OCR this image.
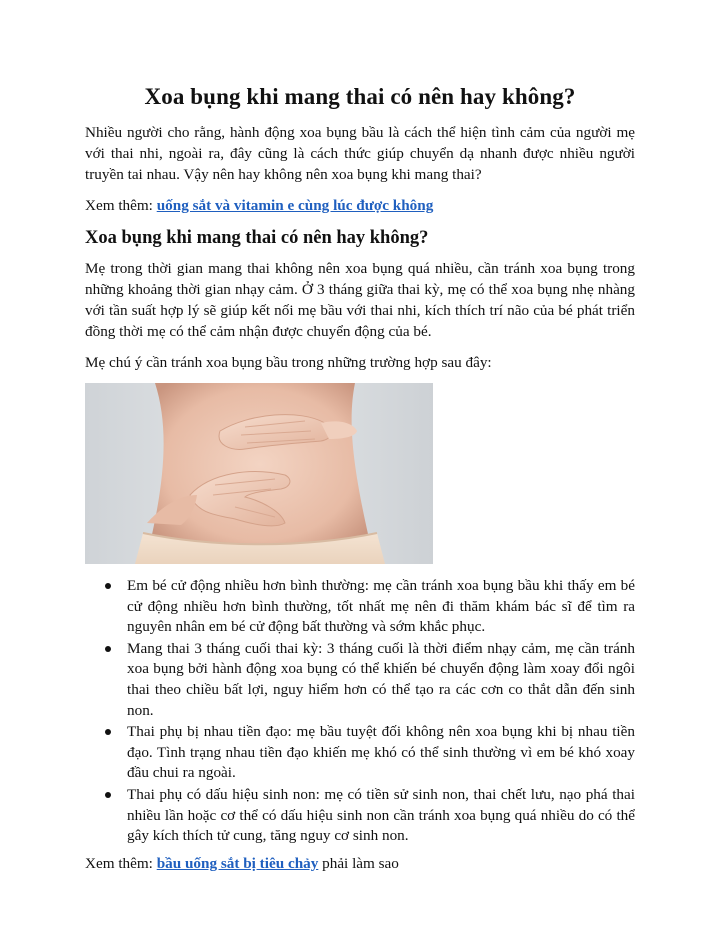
Xoa bụng khi mang thai có nên hay không?

Nhiều người cho rằng, hành động xoa bụng bầu là cách thể hiện tình cảm của người mẹ với thai nhi, ngoài ra, đây cũng là cách thức giúp chuyển dạ nhanh được nhiều người truyền tai nhau. Vậy nên hay không nên xoa bụng khi mang thai?

Xem thêm: uống sắt và vitamin e cùng lúc được không

Xoa bụng khi mang thai có nên hay không?

Mẹ trong thời gian mang thai không nên xoa bụng quá nhiều, cần tránh xoa bụng trong những khoảng thời gian nhạy cảm. Ở 3 tháng giữa thai kỳ, mẹ có thể xoa bụng nhẹ nhàng với tần suất hợp lý sẽ giúp kết nối mẹ bầu với thai nhi, kích thích trí não của bé phát triển đồng thời mẹ có thể cảm nhận được chuyển động của bé.

Mẹ chú ý cần tránh xoa bụng bầu trong những trường hợp sau đây:

Em bé cử động nhiều hơn bình thường: mẹ cần tránh xoa bụng bầu khi thấy em bé cử động nhiều hơn bình thường, tốt nhất mẹ nên đi thăm khám bác sĩ để tìm ra nguyên nhân em bé cử động bất thường và sớm khắc phục.
Mang thai 3 tháng cuối thai kỳ: 3 tháng cuối là thời điểm nhạy cảm, mẹ cần tránh xoa bụng bởi hành động xoa bụng có thể khiến bé chuyển động làm xoay đổi ngôi thai theo chiều bất lợi, nguy hiểm hơn có thể tạo ra các cơn co thắt dẫn đến sinh non.
Thai phụ bị nhau tiền đạo: mẹ bầu tuyệt đối không nên xoa bụng khi bị nhau tiền đạo. Tình trạng nhau tiền đạo khiến mẹ khó có thể sinh thường vì em bé khó xoay đầu chui ra ngoài.
Thai phụ có dấu hiệu sinh non: mẹ có tiền sử sinh non, thai chết lưu, nạo phá thai nhiều lần hoặc cơ thể có dấu hiệu sinh non cần tránh xoa bụng quá nhiều do có thể gây kích thích tử cung, tăng nguy cơ sinh non.

Xem thêm: bầu uống sắt bị tiêu chảy phải làm sao
